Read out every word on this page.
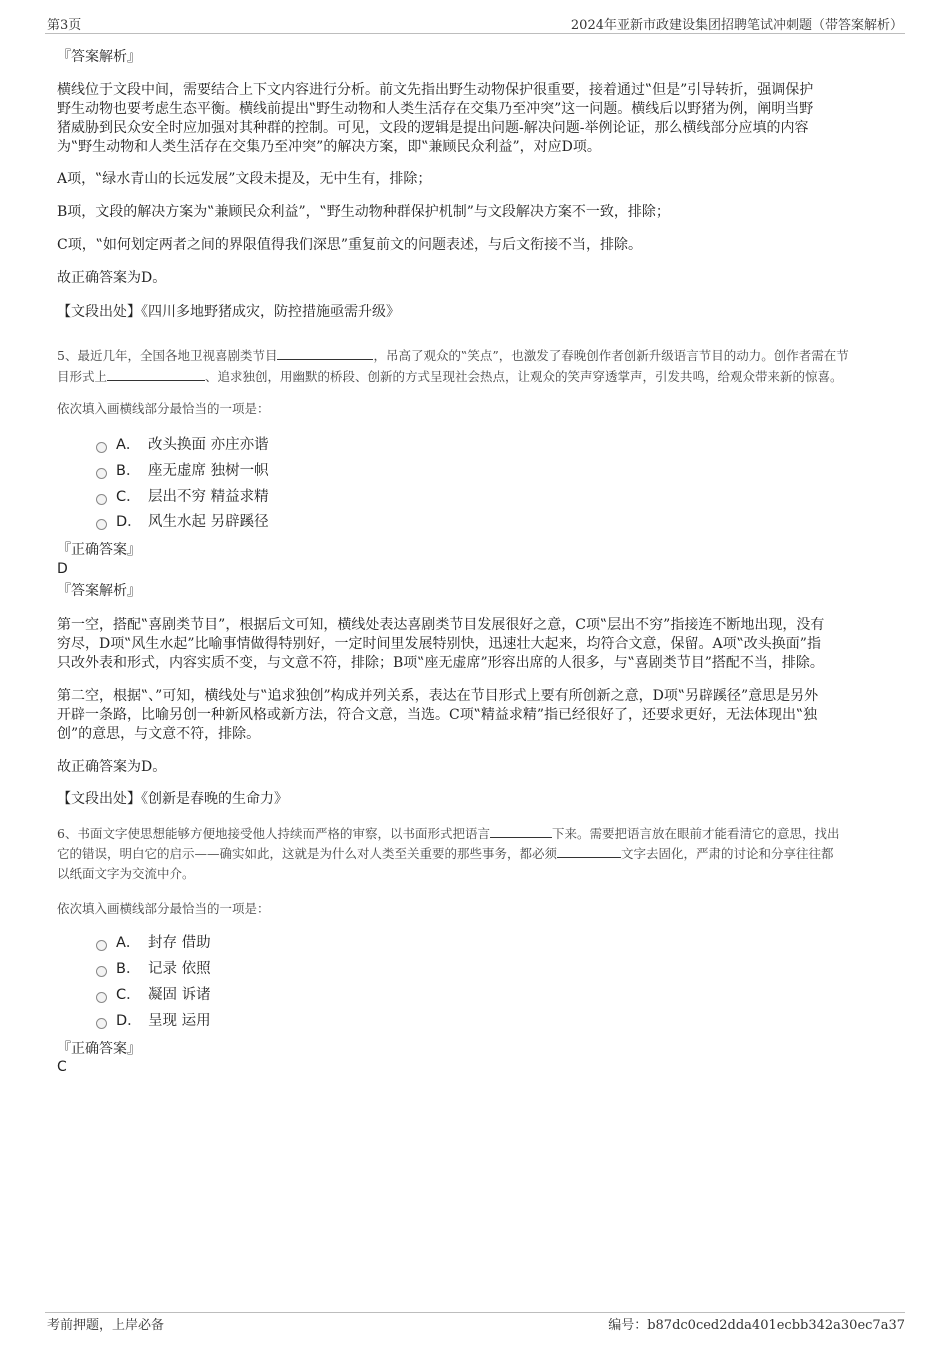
第3页	2024年亚新市政建设集团招聘笔试冲刺题（带答案解析）
『答案解析』
横线位于文段中间，需要结合上下文内容进行分析。前文先指出野生动物保护很重要，接着通过‟但是”引导转折，强调保护
野生动物也要考虑生态平衡。横线前提出‟野生动物和人类生活存在交集乃至冲突”这一问题。横线后以野猪为例，阐明当野
猪威胁到民众安全时应加强对其种群的控制。可见，文段的逻辑是提出问题-解决问题-举例论证，那么横线部分应填的内容
为‟野生动物和人类生活存在交集乃至冲突”的解决方案，即‟兼顾民众利益”，对应D项。
A项，‟绿水青山的长远发展”文段未提及，无中生有，排除；
B项，文段的解决方案为‟兼顾民众利益”，‟野生动物种群保护机制”与文段解决方案不一致，排除；
C项，‟如何划定两者之间的界限值得我们深思”重复前文的问题表述，与后文衔接不当，排除。
故正确答案为D。
【文段出处】《四川多地野猪成灾，防控措施亟需升级》
5、最近几年，全国各地卫视喜剧类节目	，吊高了观众的‟笑点”，也激发了春晚创作者创新升级语言节目的动力。创作者需在节
目形式上	、追求独创，用幽默的桥段、创新的方式呈现社会热点，让观众的笑声穿透掌声，引发共鸣，给观众带来新的惊喜。
依次填入画横线部分最恰当的一项是：
A． 改头换面 亦庄亦谐
B． 座无虚席 独树一帜
C． 层出不穷 精益求精
D． 风生水起 另辟蹊径
『正确答案』
D
『答案解析』
第一空，搭配‟喜剧类节目”，根据后文可知，横线处表达喜剧类节目发展很好之意，C项‟层出不穷”指接连不断地出现，没有
穷尽，D项‟风生水起”比喻事情做得特别好，一定时间里发展特别快，迅速壮大起来，均符合文意，保留。A项‟改头换面”指
只改外表和形式，内容实质不变，与文意不符，排除；B项‟座无虚席”形容出席的人很多，与‟喜剧类节目”搭配不当，排除。
第二空，根据‟、”可知，横线处与‟追求独创”构成并列关系，表达在节目形式上要有所创新之意，D项‟另辟蹊径”意思是另外
开辟一条路，比喻另创一种新风格或新方法，符合文意，当选。C项‟精益求精”指已经很好了，还要求更好，无法体现出‟独
创”的意思，与文意不符，排除。
故正确答案为D。
【文段出处】《创新是春晚的生命力》
6、书面文字使思想能够方便地接受他人持续而严格的审察，以书面形式把语言	下来。需要把语言放在眼前才能看清它的意思，找出
它的错误，明白它的启示——确实如此，这就是为什么对人类至关重要的那些事务，都必须	文字去固化，严肃的讨论和分享往往都
以纸面文字为交流中介。
依次填入画横线部分最恰当的一项是：
A． 封存 借助
B． 记录 依照
C． 凝固 诉诸
D． 呈现 运用
『正确答案』
C
考前押题，上岸必备	编号：b87dc0ced2dda401ecbb342a30ec7a37
